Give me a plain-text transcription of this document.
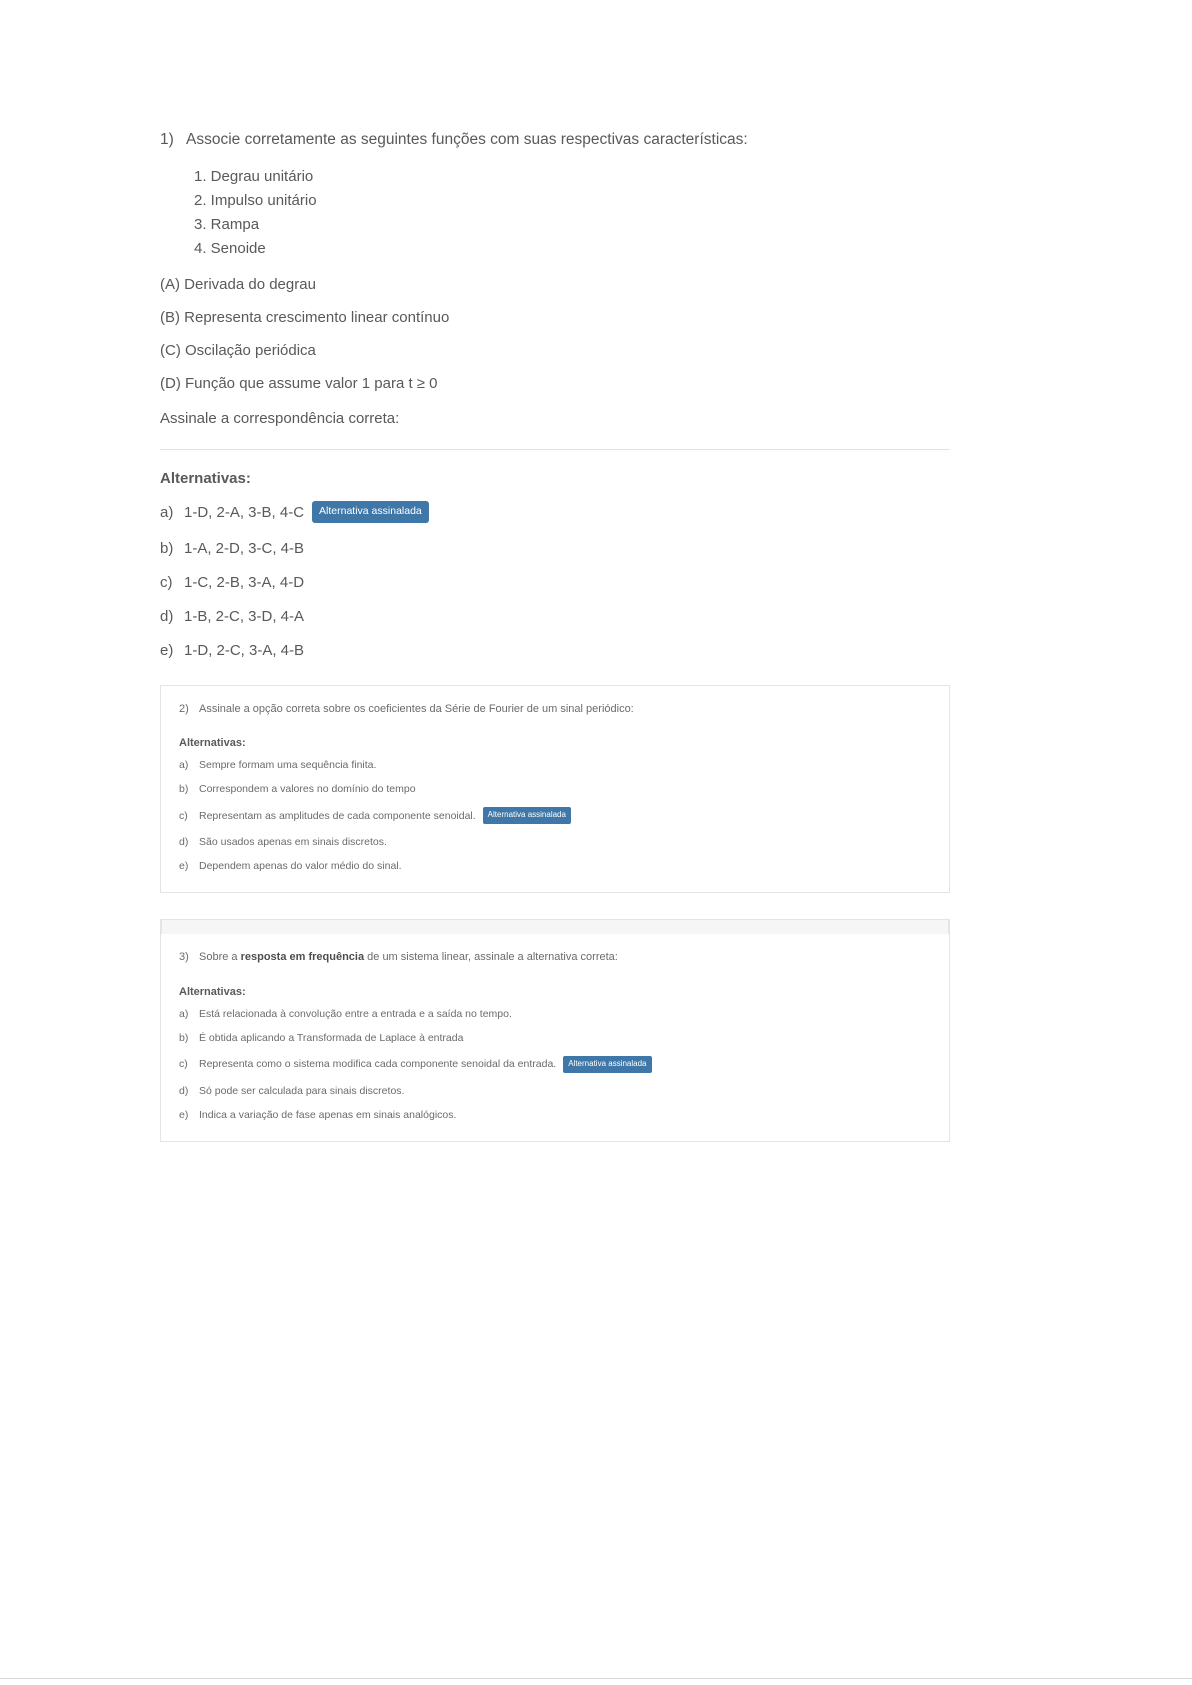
1) Associe corretamente as seguintes funções com suas respectivas características:
1. Degrau unitário
2. Impulso unitário
3. Rampa
4. Senoide
(A) Derivada do degrau
(B) Representa crescimento linear contínuo
(C) Oscilação periódica
(D) Função que assume valor 1 para t ≥ 0
Assinale a correspondência correta:
Alternativas:
a) 1-D, 2-A, 3-B, 4-C	Alternativa assinalada
b) 1-A, 2-D, 3-C, 4-B
c) 1-C, 2-B, 3-A, 4-D
d) 1-B, 2-C, 3-D, 4-A
e) 1-D, 2-C, 3-A, 4-B
2) Assinale a opção correta sobre os coeficientes da Série de Fourier de um sinal periódico:
Alternativas:
a)	Sempre formam uma sequência finita.
b)	Correspondem a valores no domínio do tempo
c)	Representam as amplitudes de cada componente senoidal.	Alternativa assinalada
d)	São usados apenas em sinais discretos.
e)	Dependem apenas do valor médio do sinal.
3) Sobre a resposta em frequência de um sistema linear, assinale a alternativa correta:
Alternativas:
a)	Está relacionada à convolução entre a entrada e a saída no tempo.
b)	É obtida aplicando a Transformada de Laplace à entrada
c)	Representa como o sistema modifica cada componente senoidal da entrada.	Alternativa assinalada
d)	Só pode ser calculada para sinais discretos.
e)	Indica a variação de fase apenas em sinais analógicos.
